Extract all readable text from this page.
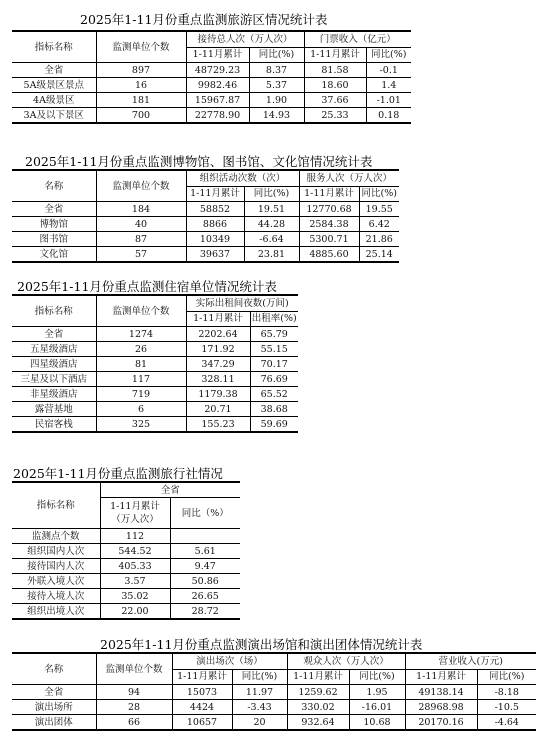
2025年1-11月份重点监测旅游区情况统计表
指标名称	监测单位个数	接待总人次（万人次）		门票收入（亿元）	
		1-11月累计	同比(%)	1-11月累计	同比(%)
全省	897	48729.23	8.37	81.58	-0.1
5A级景区景点	16	9982.46	5.37	18.60	1.4
4A级景区	181	15967.87	1.90	37.66	-1.01
3A及以下景区	700	22778.90	14.93	25.33	0.18
2025年1-11月份重点监测博物馆、图书馆、文化馆情况统计表
名称	监测单位个数	组织活动次数（次）		服务人次（万人次）	
		1-11月累计	同比(%)	1-11月累计	同比(%)
全省	184	58852	19.51	12770.68	19.55
博物馆	40	8866	44.28	2584.38	6.42
图书馆	87	10349	-6.64	5300.71	21.86
文化馆	57	39637	23.81	4885.60	25.14
2025年1-11月份重点监测住宿单位情况统计表
指标名称	监测单位个数	实际出租间夜数(万间)	
		1-11月累计	出租率(%)
全省	1274	2202.64	65.79
五星级酒店	26	171.92	55.15
四星级酒店	81	347.29	70.17
三星及以下酒店	117	328.11	76.69
非星级酒店	719	1179.38	65.52
露营基地	6	20.71	38.68
民宿客栈	325	155.23	59.69
2025年1-11月份重点监测旅行社情况
指标名称	全省	

	1-11月累计
（万人次）	同比（%）
监测点个数	112	
组织国内人次	544.52	5.61
接待国内人次	405.33	9.47
外联入境人次	3.57	50.86
接待入境人次	35.02	26.65
组织出境人次	22.00	28.72
2025年1-11月份重点监测演出场馆和演出团体情况统计表
名称	监测单位个数	演出场次（场）		观众人次（万人次）		营业收入(万元)	
		1-11月累计	同比(%)	1-11月累计	同比(%)	1-11月累计	同比(%)
全省	94	15073	11.97	1259.62	1.95	49138.14	-8.18
演出场所	28	4424	-3.43	330.02	-16.01	28968.98	-10.5
演出团体	66	10657	20	932.64	10.68	20170.16	-4.64
